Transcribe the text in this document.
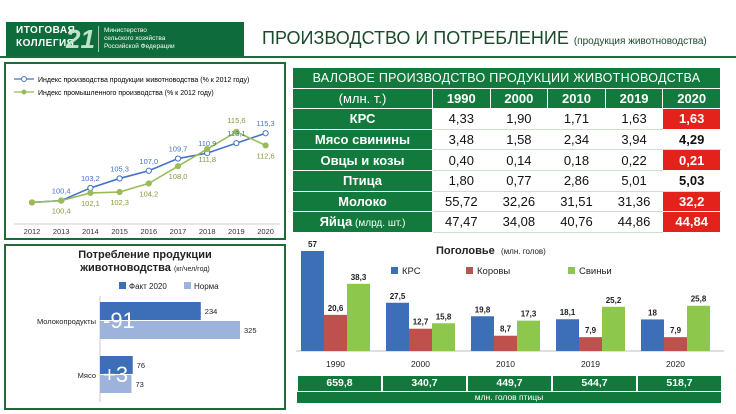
ИТОГОВАЯ
КОЛЛЕГИЯ
21 Министерство
сельского хозяйства
Российской Федерации	ПРОИЗВОДСТВО И ПОТРЕБЛЕНИЕ (продукция животноводства)
Индекс производства продукции животноводства (% к 2012 году)
Индекс промышленного производства (% к 2012 году)
2012 2013 2014 2015 2016 2017 2018 2019 2020
100,4
103,2
105,3
107,0
109,7
110,9
113,1
115,3
100,4
102,1 102,3
104,2
108,0
111,8
115,6
112,6
Потребление продукции
животноводства (кг/чел/год)
Факт 2020	Норма
Молокопродукты
234
325
-91
Мясо
76
73
+3
ВАЛОВОЕ ПРОИЗВОДСТВО ПРОДУКЦИИ ЖИВОТНОВОДСТВА					
(млн. т.)	1990	2000	2010	2019	2020
КРС	4,33	1,90	1,71	1,63	1,63
Мясо свинины	3,48	1,58	2,34	3,94	4,29
Овцы и козы	0,40	0,14	0,18	0,22	0,21
Птица	1,80	0,77	2,86	5,01	5,03
Молоко	55,72	32,26	31,51	31,36	32,2
Яйца (млрд. шт.)	47,47	34,08	40,76	44,86	44,84
Поголовье (млн. голов)
КРС	Коровы	Свиньи
57
20,6
38,3
1990
27,5
12,7
15,8
2000
19,8
8,7
17,3
2010
18,1
7,9
25,2
2019
18
7,9
25,8
2020
млн. голов птицы
659,8	340,7	449,7	544,7	518,7
